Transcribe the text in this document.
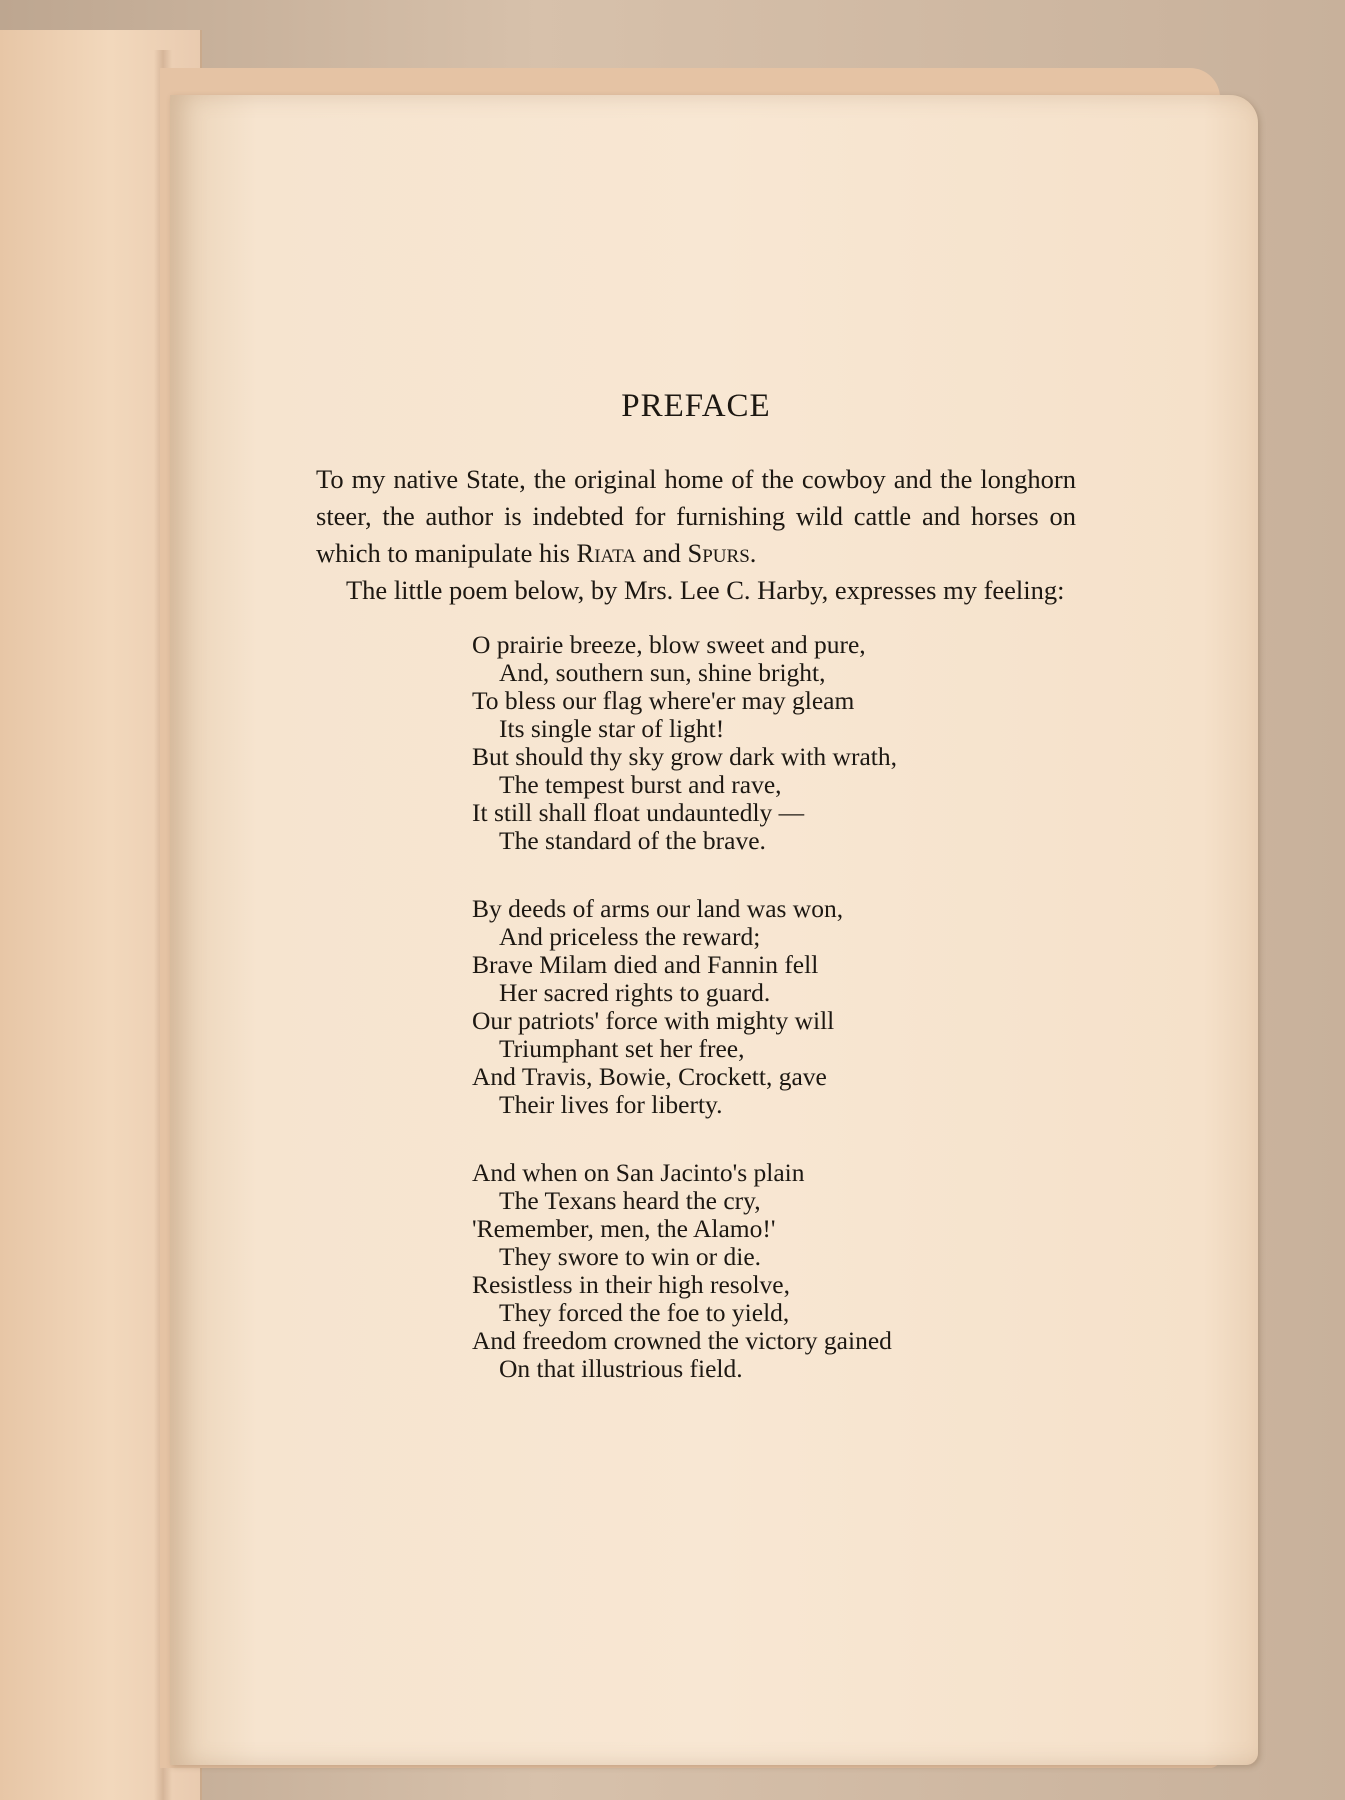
PREFACE

To my native State, the original home of the cowboy and the longhorn steer, the author is indebted for furnishing wild cattle and horses on which to manipulate his Riata and Spurs.

The little poem below, by Mrs. Lee C. Harby, expresses my feeling:

O prairie breeze, blow sweet and pure,
And, southern sun, shine bright,
To bless our flag where'er may gleam
Its single star of light!
But should thy sky grow dark with wrath,
The tempest burst and rave,
It still shall float undauntedly —
The standard of the brave.
By deeds of arms our land was won,
And priceless the reward;
Brave Milam died and Fannin fell
Her sacred rights to guard.
Our patriots' force with mighty will
Triumphant set her free,
And Travis, Bowie, Crockett, gave
Their lives for liberty.
And when on San Jacinto's plain
The Texans heard the cry,
'Remember, men, the Alamo!'
They swore to win or die.
Resistless in their high resolve,
They forced the foe to yield,
And freedom crowned the victory gained
On that illustrious field.
